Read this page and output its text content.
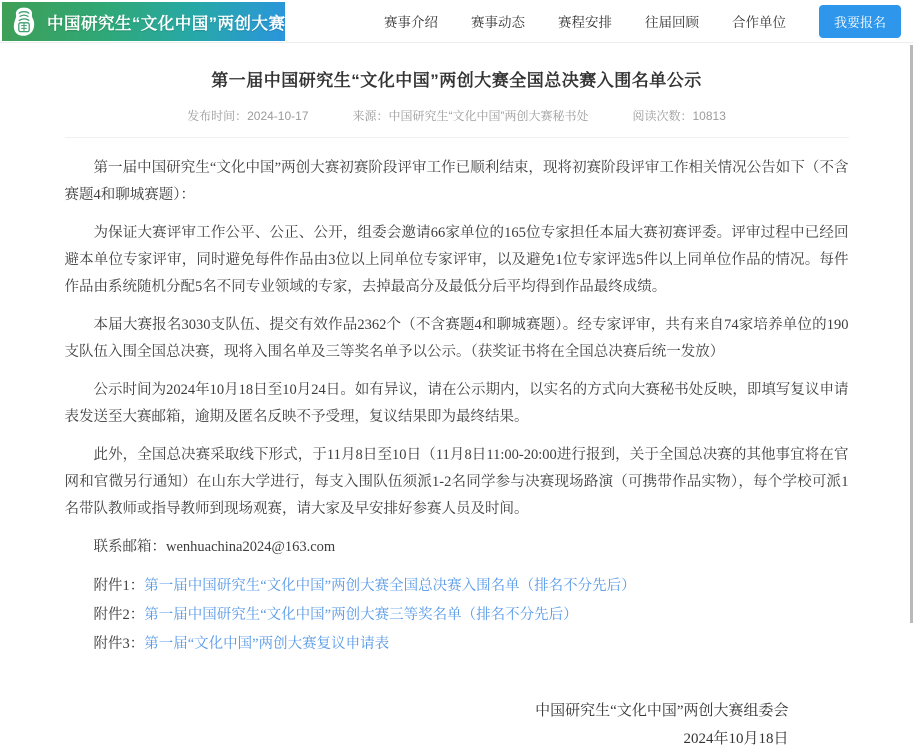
中国研究生“文化中国”两创大赛	赛事介绍 赛事动态 赛程安排 往届回顾 合作单位	我要报名
第一届中国研究生“文化中国”两创大赛全国总决赛入围名单公示
发布时间：2024-10-17	来源：中国研究生“文化中国”两创大赛秘书处	阅读次数：10813

第一届中国研究生“文化中国”两创大赛初赛阶段评审工作已顺利结束，现将初赛阶段评审工作相关情况公告如下（不含赛题4和聊城赛题）：

为保证大赛评审工作公平、公正、公开，组委会邀请66家单位的165位专家担任本届大赛初赛评委。评审过程中已经回避本单位专家评审，同时避免每件作品由3位以上同单位专家评审，以及避免1位专家评选5件以上同单位作品的情况。每件作品由系统随机分配5名不同专业领域的专家，去掉最高分及最低分后平均得到作品最终成绩。

本届大赛报名3030支队伍、提交有效作品2362个（不含赛题4和聊城赛题）。经专家评审，共有来自74家培养单位的190支队伍入围全国总决赛，现将入围名单及三等奖名单予以公示。（获奖证书将在全国总决赛后统一发放）

公示时间为2024年10月18日至10月24日。如有异议，请在公示期内，以实名的方式向大赛秘书处反映，即填写复议申请表发送至大赛邮箱，逾期及匿名反映不予受理，复议结果即为最终结果。

此外，全国总决赛采取线下形式，于11月8日至10日（11月8日11:00-20:00进行报到，关于全国总决赛的其他事宜将在官网和官微另行通知）在山东大学进行，每支入围队伍须派1-2名同学参与决赛现场路演（可携带作品实物），每个学校可派1名带队教师或指导教师到现场观赛，请大家及早安排好参赛人员及时间。

联系邮箱：wenhuachina2024@163.com
附件1：第一届中国研究生“文化中国”两创大赛全国总决赛入围名单（排名不分先后）
附件2：第一届中国研究生“文化中国”两创大赛三等奖名单（排名不分先后）
附件3：第一届“文化中国”两创大赛复议申请表
中国研究生“文化中国”两创大赛组委会
2024年10月18日
